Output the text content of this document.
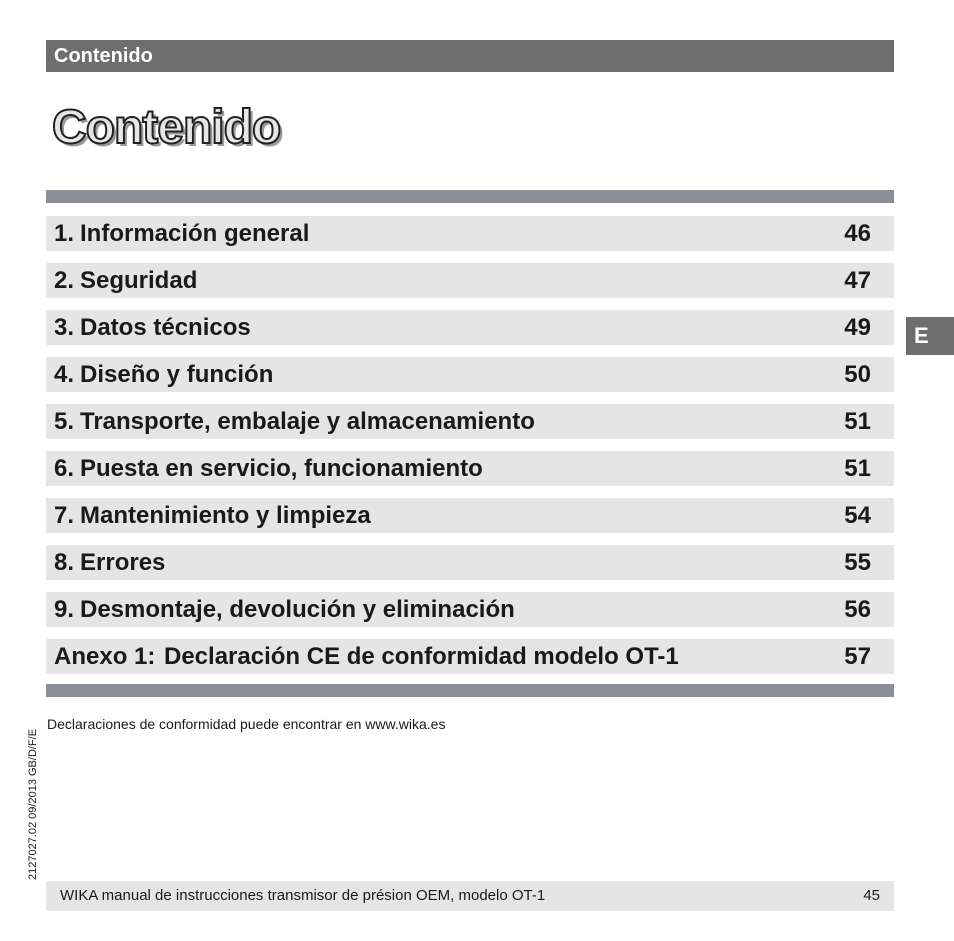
Contenido
Contenido
1. Información general	46
2. Seguridad	47
3. Datos técnicos	49
4. Diseño y función	50
5. Transporte, embalaje y almacenamiento	51
6. Puesta en servicio, funcionamiento	51
7. Mantenimiento y limpieza	54
8. Errores	55
9. Desmontaje, devolución y eliminación	56
Anexo 1: Declaración CE de conformidad modelo OT-1	57
E
Declaraciones de conformidad puede encontrar en www.wika.es
2127027.02 09/2013 GB/D/F/E
WIKA manual de instrucciones transmisor de présion OEM, modelo OT-1	45
